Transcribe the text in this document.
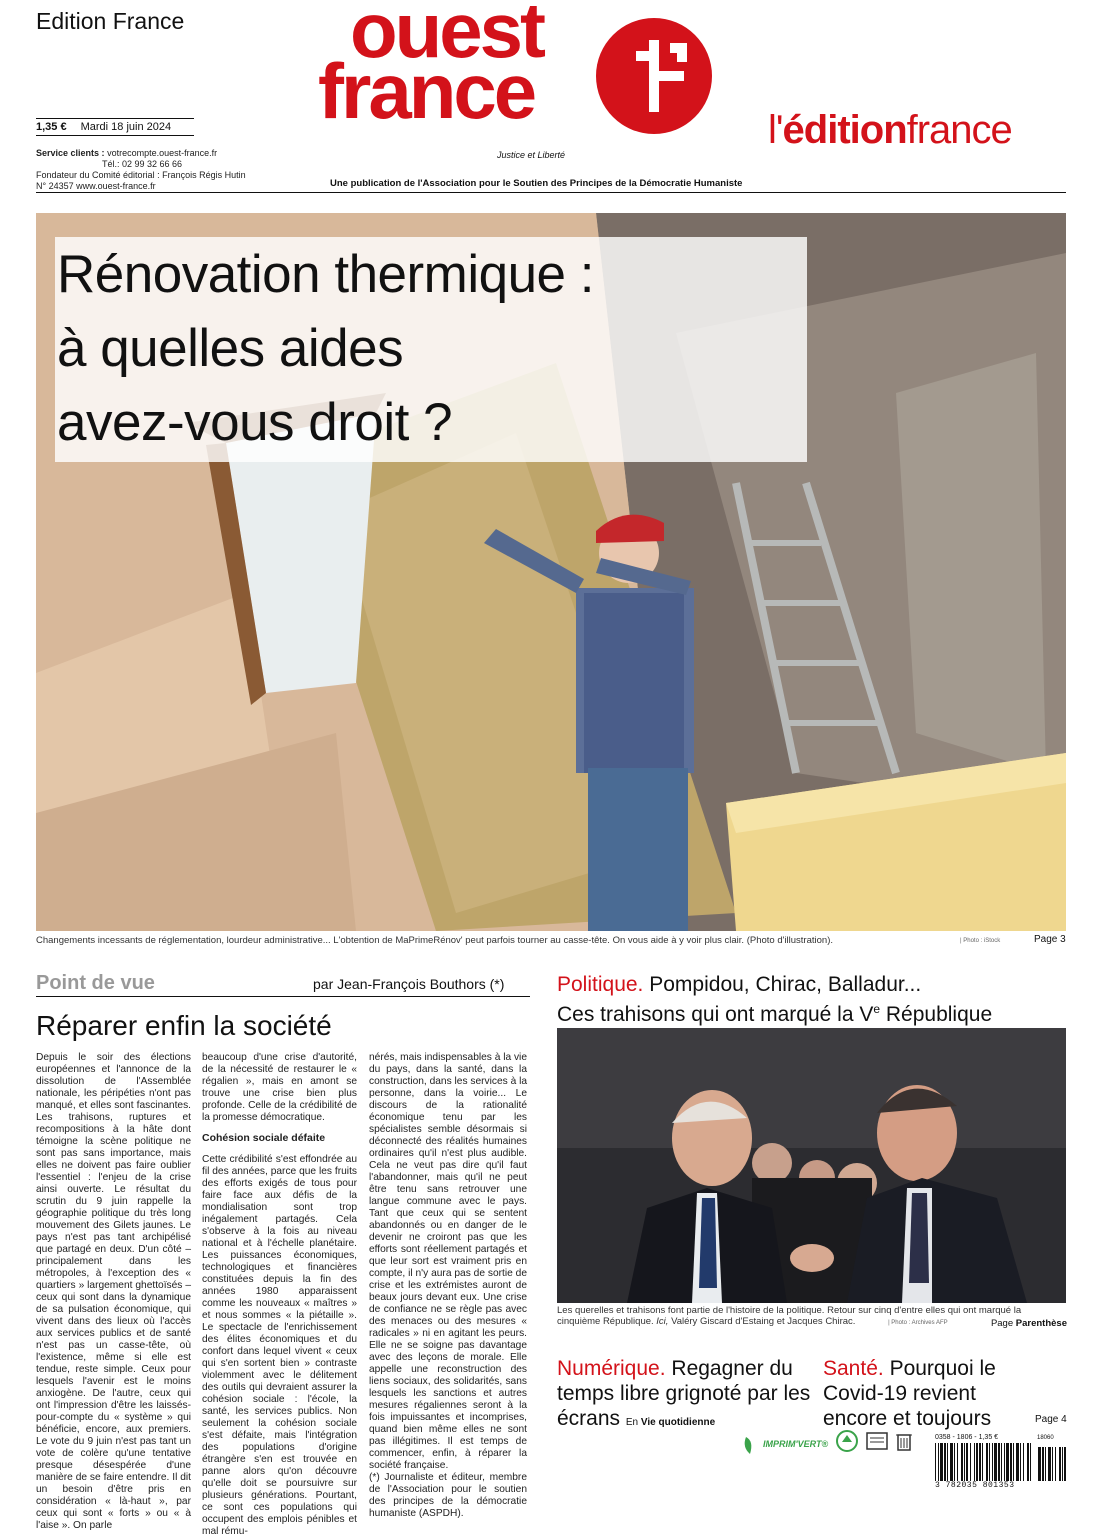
Edition France	ouest
france
Justice et Liberté
l'éditionfrance
1,35 € Mardi 18 juin 2024
Service clients : votrecompte.ouest-france.fr
Tél.: 02 99 32 66 66
Fondateur du Comité éditorial : François Régis Hutin
N° 24357 www.ouest-france.fr	Une publication de l'Association pour le Soutien des Principes de la Démocratie Humaniste
Rénovation thermique :
à quelles aides
avez-vous droit ?
Changements incessants de réglementation, lourdeur administrative... L'obtention de MaPrimeRénov' peut parfois tourner au casse-tête. On vous aide à y voir plus clair. (Photo d'illustration).	| Photo : iStock	Page 3
Point de vue	par Jean-François Bouthors (*)
Réparer enfin la société

Depuis le soir des élections européennes et l'annonce de la dissolution de l'Assemblée nationale, les péripéties n'ont pas manqué, et elles sont fascinantes. Les trahisons, ruptures et recompositions à la hâte dont témoigne la scène politique ne sont pas sans importance, mais elles ne doivent pas faire oublier l'essentiel : l'enjeu de la crise ainsi ouverte. Le résultat du scrutin du 9 juin rappelle la géographie politique du très long mouvement des Gilets jaunes. Le pays n'est pas tant archipélisé que partagé en deux. D'un côté – principalement dans les métropoles, à l'exception des « quartiers » largement ghettoïsés – ceux qui sont dans la dynamique de sa pulsation économique, qui vivent dans des lieux où l'accès aux services publics et de santé n'est pas un casse-tête, où l'existence, même si elle est tendue, reste simple. Ceux pour lesquels l'avenir est le moins anxiogène. De l'autre, ceux qui ont l'impression d'être les laissés-pour-compte du « système » qui bénéficie, encore, aux premiers. Le vote du 9 juin n'est pas tant un vote de colère qu'une tentative presque désespérée d'une manière de se faire entendre. Il dit un besoin d'être pris en considération « là-haut », par ceux qui sont « forts » ou « à l'aise ». On parle

beaucoup d'une crise d'autorité, de la nécessité de restaurer le « régalien », mais en amont se trouve une crise bien plus profonde. Celle de la crédibilité de la promesse démocratique.

Cohésion sociale défaite

Cette crédibilité s'est effondrée au fil des années, parce que les fruits des efforts exigés de tous pour faire face aux défis de la mondialisation sont trop inégalement partagés. Cela s'observe à la fois au niveau national et à l'échelle planétaire. Les puissances économiques, technologiques et financières constituées depuis la fin des années 1980 apparaissent comme les nouveaux « maîtres » et nous sommes « la piétaille ». Le spectacle de l'enrichissement des élites économiques et du confort dans lequel vivent « ceux qui s'en sortent bien » contraste violemment avec le délitement des outils qui devraient assurer la cohésion sociale : l'école, la santé, les services publics. Non seulement la cohésion sociale s'est défaite, mais l'intégration des populations d'origine étrangère s'en est trouvée en panne alors qu'on découvre qu'elle doit se poursuivre sur plusieurs générations. Pourtant, ce sont ces populations qui occupent des emplois pénibles et mal rému-

nérés, mais indispensables à la vie du pays, dans la santé, dans la construction, dans les services à la personne, dans la voirie... Le discours de la rationalité économique tenu par les spécialistes semble désormais si déconnecté des réalités humaines ordinaires qu'il n'est plus audible. Cela ne veut pas dire qu'il faut l'abandonner, mais qu'il ne peut être tenu sans retrouver une langue commune avec le pays. Tant que ceux qui se sentent abandonnés ou en danger de le devenir ne croiront pas que les efforts sont réellement partagés et que leur sort est vraiment pris en compte, il n'y aura pas de sortie de crise et les extrémistes auront de beaux jours devant eux. Une crise de confiance ne se règle pas avec des menaces ou des mesures « radicales » ni en agitant les peurs. Elle ne se soigne pas davantage avec des leçons de morale. Elle appelle une reconstruction des liens sociaux, des solidarités, sans lesquels les sanctions et autres mesures régaliennes seront à la fois impuissantes et incomprises, quand bien même elles ne sont pas illégitimes. Il est temps de commencer, enfin, à réparer la société française.

(*) Journaliste et éditeur, membre de l'Association pour le soutien des principes de la démocratie humaniste (ASPDH).

Politique. Pompidou, Chirac, Balladur...
Ces trahisons qui ont marqué la Ve République
Les querelles et trahisons font partie de l'histoire de la politique. Retour sur cinq d'entre elles qui ont marqué la cinquième République. Ici, Valéry Giscard d'Estaing et Jacques Chirac.	| Photo : Archives AFP	Page Parenthèse
Numérique. Regagner du temps libre grignoté par les écrans En Vie quotidienne
Santé. Pourquoi le Covid-19 revient encore et toujours	Page 4
IMPRIM'VERT®
0358 - 1806 - 1,35 €
3 782035 801353
18060
